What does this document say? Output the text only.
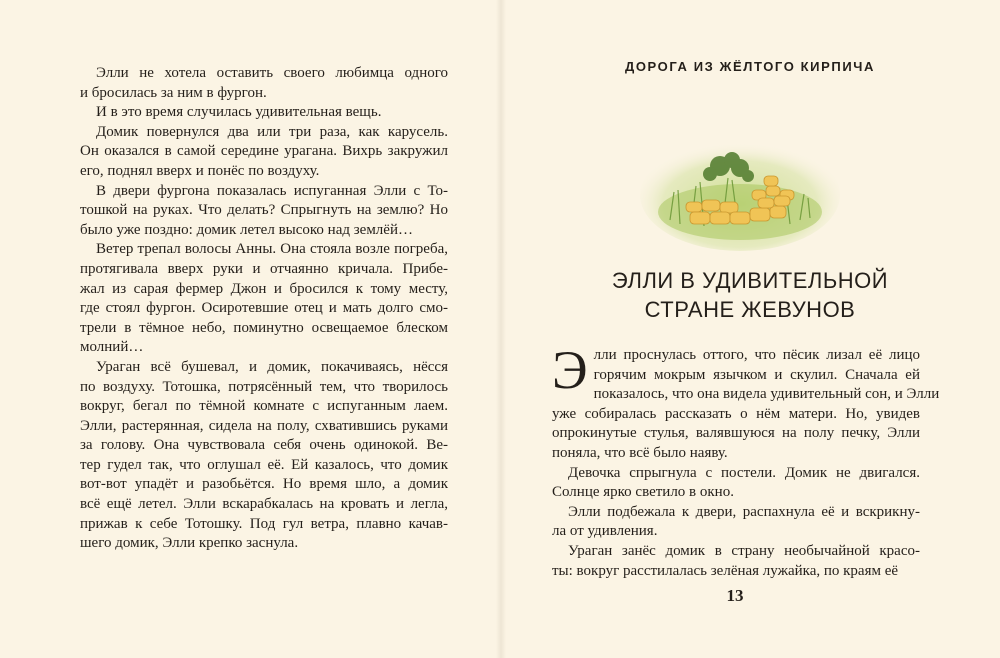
Элли не хотела оставить своего любимца одного
и бросилась за ним в фургон.

И в это время случилась удивительная вещь.

Домик повернулся два или три раза, как карусель.
Он оказался в самой середине урагана. Вихрь закружил
его, поднял вверх и понёс по воздуху.

В двери фургона показалась испуганная Элли с То-
тошкой на руках. Что делать? Спрыгнуть на землю? Но
было уже поздно: домик летел высоко над землёй…

Ветер трепал волосы Анны. Она стояла возле погреба,
протягивала вверх руки и отчаянно кричала. Прибе-
жал из сарая фермер Джон и бросился к тому месту,
где стоял фургон. Осиротевшие отец и мать долго смо-
трели в тёмное небо, поминутно освещаемое блеском
молний…

Ураган всё бушевал, и домик, покачиваясь, нёсся
по воздуху. Тотошка, потрясённый тем, что творилось
вокруг, бегал по тёмной комнате с испуганным лаем.
Элли, растерянная, сидела на полу, схватившись руками
за голову. Она чувствовала себя очень одинокой. Ве-
тер гудел так, что оглушал её. Ей казалось, что домик
вот-вот упадёт и разобьётся. Но время шло, а домик
всё ещё летел. Элли вскарабкалась на кровать и легла,
прижав к себе Тотошку. Под гул ветра, плавно качав-
шего домик, Элли крепко заснула.

ДОРОГА ИЗ ЖЁЛТОГО КИРПИЧА
ЭЛЛИ В УДИВИТЕЛЬНОЙ
СТРАНЕ ЖЕВУНОВ

Э лли проснулась оттого, что пёсик лизал её лицо
горячим мокрым язычком и скулил. Сначала ей
показалось, что она видела удивительный сон, и Элли
уже собиралась рассказать о нём матери. Но, увидев
опрокинутые стулья, валявшуюся на полу печку, Элли
поняла, что всё было наяву.

Девочка спрыгнула с постели. Домик не двигался.
Солнце ярко светило в окно.

Элли подбежала к двери, распахнула её и вскрикну-
ла от удивления.

Ураган занёс домик в страну необычайной красо-
ты: вокруг расстилалась зелёная лужайка, по краям её

13
